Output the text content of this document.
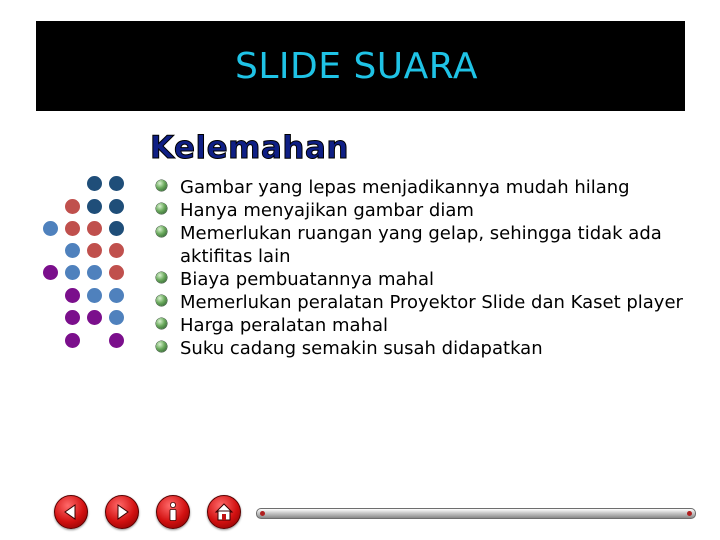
SLIDE SUARA
Kelemahan
Gambar yang lepas menjadikannya mudah hilang
Hanya menyajikan gambar diam
Memerlukan ruangan yang gelap, sehingga tidak ada aktifitas lain
Biaya pembuatannya mahal
Memerlukan peralatan Proyektor Slide dan Kaset player
Harga peralatan mahal
Suku cadang semakin susah didapatkan
